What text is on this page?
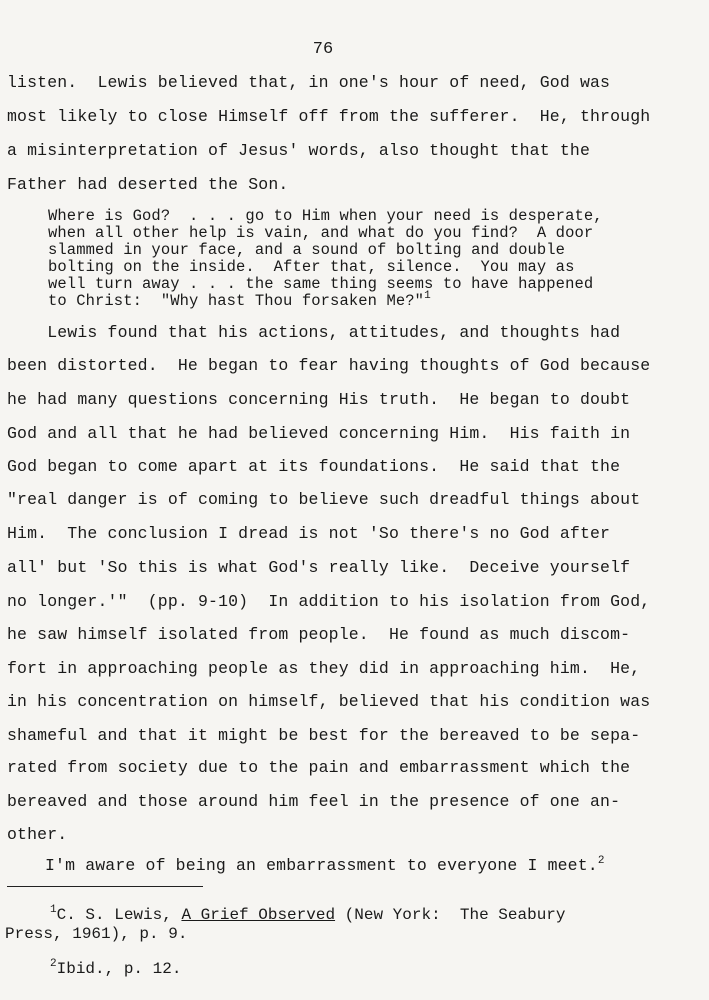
76
listen.  Lewis believed that, in one's hour of need, God was
most likely to close Himself off from the sufferer.  He, through
a misinterpretation of Jesus' words, also thought that the
Father had deserted the Son.
Where is God?  . . . go to Him when your need is desperate,
when all other help is vain, and what do you find?  A door
slammed in your face, and a sound of bolting and double
bolting on the inside.  After that, silence.  You may as
well turn away . . . the same thing seems to have happened
to Christ:  "Why hast Thou forsaken Me?"$^1$
Lewis found that his actions, attitudes, and thoughts had
been distorted.  He began to fear having thoughts of God because
he had many questions concerning His truth.  He began to doubt
God and all that he had believed concerning Him.  His faith in
God began to come apart at its foundations.  He said that the
"real danger is of coming to believe such dreadful things about
Him.  The conclusion I dread is not 'So there's no God after
all' but 'So this is what God's really like.  Deceive yourself
no longer.'"  (pp. 9-10)  In addition to his isolation from God,
he saw himself isolated from people.  He found as much discom-
fort in approaching people as they did in approaching him.  He,
in his concentration on himself, believed that his condition was
shameful and that it might be best for the bereaved to be sepa-
rated from society due to the pain and embarrassment which the
bereaved and those around him feel in the presence of one an-
other.
I'm aware of being an embarrassment to everyone I meet.$^2$
$^1$C. S. Lewis, A Grief Observed (New York:  The Seabury
Press, 1961), p. 9.
$^2$Ibid., p. 12.
